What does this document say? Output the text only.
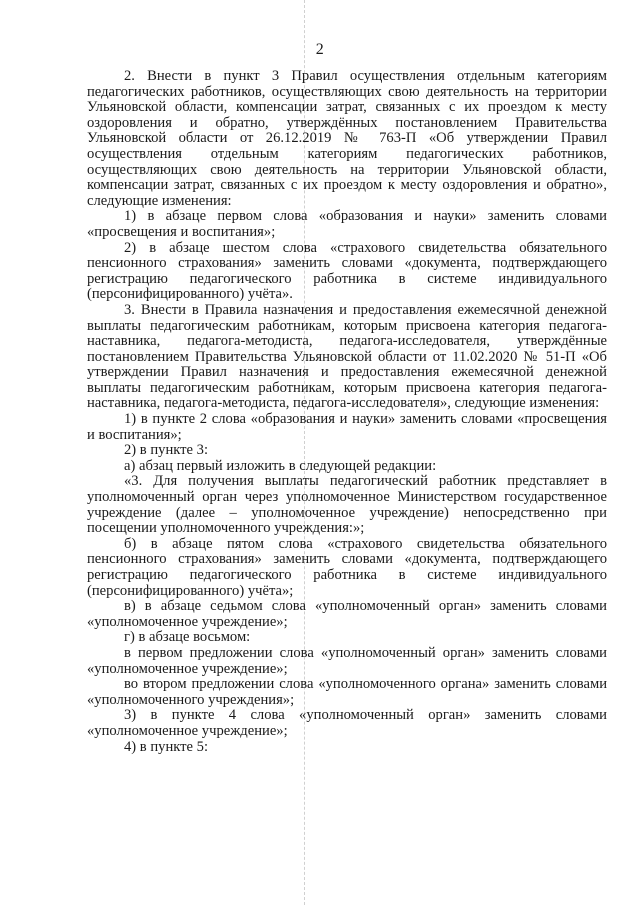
2

2. Внести в пункт 3 Правил осуществления отдельным категориям педагогических работников, осуществляющих свою деятельность на территории Ульяновской области, компенсации затрат, связанных с их проездом к месту оздоровления и обратно, утверждённых постановлением Правительства Ульяновской области от 26.12.2019 № 763-П «Об утверждении Правил осуществления отдельным категориям педагогических работников, осуществляющих свою деятельность на территории Ульяновской области, компенсации затрат, связанных с их проездом к месту оздоровления и обратно», следующие изменения:

1) в абзаце первом слова «образования и науки» заменить словами «просвещения и воспитания»;

2) в абзаце шестом слова «страхового свидетельства обязательного пенсионного страхования» заменить словами «документа, подтверждающего регистрацию педагогического работника в системе индивидуального (персонифицированного) учёта».

3. Внести в Правила назначения и предоставления ежемесячной денежной выплаты педагогическим работникам, которым присвоена категория педагога-наставника, педагога-методиста, педагога-исследователя, утверждённые постановлением Правительства Ульяновской области от 11.02.2020 № 51-П «Об утверждении Правил назначения и предоставления ежемесячной денежной выплаты педагогическим работникам, которым присвоена категория педагога-наставника, педагога-методиста, педагога-исследователя», следующие изменения:

1) в пункте 2 слова «образования и науки» заменить словами «просвещения и воспитания»;

2) в пункте 3:

а) абзац первый изложить в следующей редакции:

«3. Для получения выплаты педагогический работник представляет в уполномоченный орган через уполномоченное Министерством государственное учреждение (далее – уполномоченное учреждение) непосредственно при посещении уполномоченного учреждения:»;

б) в абзаце пятом слова «страхового свидетельства обязательного пенсионного страхования» заменить словами «документа, подтверждающего регистрацию педагогического работника в системе индивидуального (персонифицированного) учёта»;

в) в абзаце седьмом слова «уполномоченный орган» заменить словами «уполномоченное учреждение»;

г) в абзаце восьмом:

в первом предложении слова «уполномоченный орган» заменить словами «уполномоченное учреждение»;

во втором предложении слова «уполномоченного органа» заменить словами «уполномоченного учреждения»;

3) в пункте 4 слова «уполномоченный орган» заменить словами «уполномоченное учреждение»;

4) в пункте 5:
